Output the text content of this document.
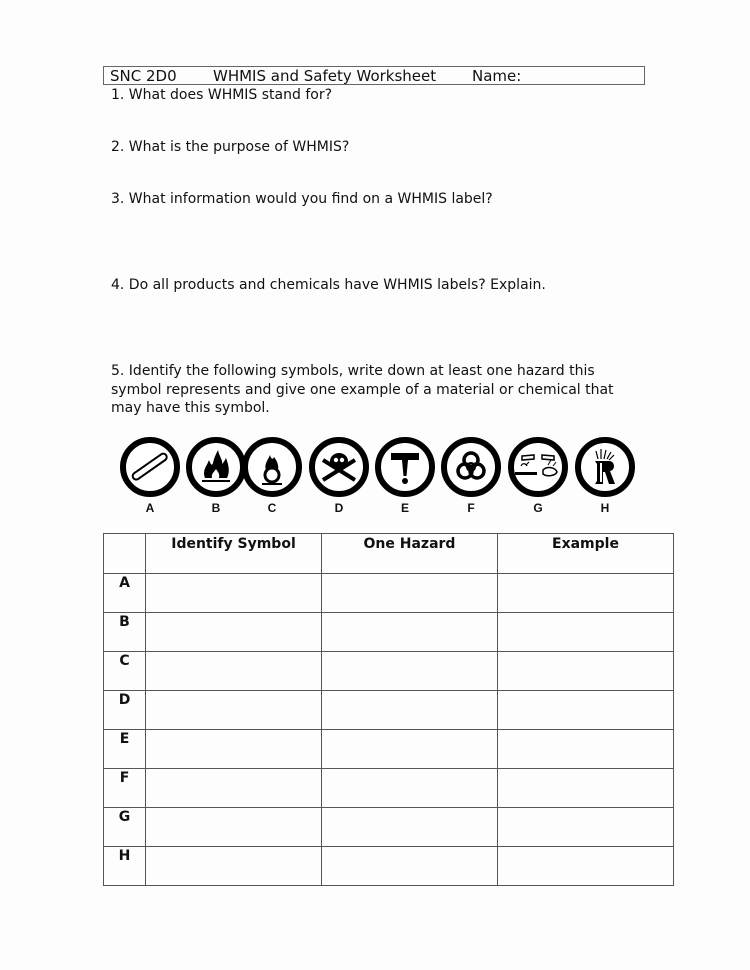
SNC 2D0 WHMIS and Safety Worksheet Name:
1. What does WHMIS stand for?
2. What is the purpose of WHMIS?
3. What information would you find on a WHMIS label?
4. Do all products and chemicals have WHMIS labels? Explain.
5. Identify the following symbols, write down at least one hazard this symbol represents and give one example of a material or chemical that may have this symbol.
A	B	C	D	E	F	G	H
	Identify Symbol	One Hazard	Example
A			
B			
C			
D			
E			
F			
G			
H			
